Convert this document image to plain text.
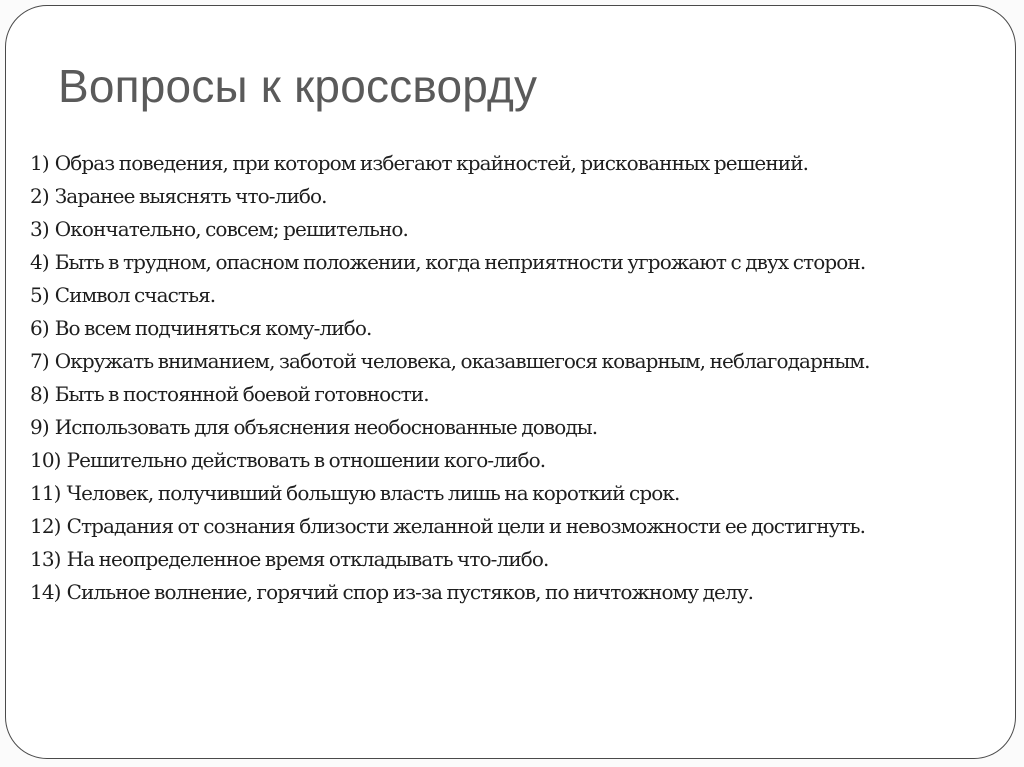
Вопросы к кроссворду
1) Образ поведения, при котором избегают крайностей, рискованных решений.
2) Заранее выяснять что-либо.
3) Окончательно, совсем; решительно.
4) Быть в трудном, опасном положении, когда неприятности угрожают с двух сторон.
5) Символ счастья.
6) Во всем подчиняться кому-либо.
7) Окружать вниманием, заботой человека, оказавшегося коварным, неблагодарным.
8) Быть в постоянной боевой готовности.
9) Использовать для объяснения необоснованные доводы.
10) Решительно действовать в отношении кого-либо.
11) Человек, получивший большую власть лишь на короткий срок.
12) Страдания от сознания близости желанной цели и невозможности ее достигнуть.
13) На неопределенное время откладывать что-либо.
14) Сильное волнение, горячий спор из-за пустяков, по ничтожному делу.
